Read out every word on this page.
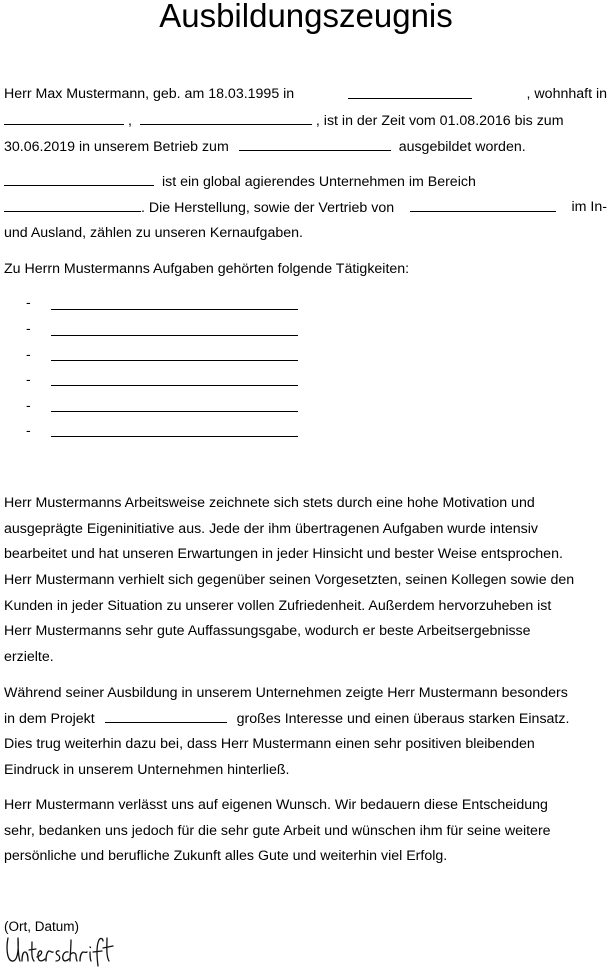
Ausbildungszeugnis
Herr Max Mustermann, geb. am 18.03.1995 in	, wohnhaft in
,	, ist in der Zeit vom 01.08.2016 bis zum
30.06.2019 in unserem Betrieb zum	ausgebildet worden.
ist ein global agierendes Unternehmen im Bereich
. Die Herstellung, sowie der Vertrieb von	im In-
und Ausland, zählen zu unseren Kernaufgaben.
Zu Herrn Mustermanns Aufgaben gehörten folgende Tätigkeiten:
-
-
-
-
-
-
Herr Mustermanns Arbeitsweise zeichnete sich stets durch eine hohe Motivation und
ausgeprägte Eigeninitiative aus. Jede der ihm übertragenen Aufgaben wurde intensiv
bearbeitet und hat unseren Erwartungen in jeder Hinsicht und bester Weise entsprochen.
Herr Mustermann verhielt sich gegenüber seinen Vorgesetzten, seinen Kollegen sowie den
Kunden in jeder Situation zu unserer vollen Zufriedenheit. Außerdem hervorzuheben ist
Herr Mustermanns sehr gute Auffassungsgabe, wodurch er beste Arbeitsergebnisse
erzielte.
Während seiner Ausbildung in unserem Unternehmen zeigte Herr Mustermann besonders
in dem Projekt	großes Interesse und einen überaus starken Einsatz.
Dies trug weiterhin dazu bei, dass Herr Mustermann einen sehr positiven bleibenden
Eindruck in unserem Unternehmen hinterließ.
Herr Mustermann verlässt uns auf eigenen Wunsch. Wir bedauern diese Entscheidung
sehr, bedanken uns jedoch für die sehr gute Arbeit und wünschen ihm für seine weitere
persönliche und berufliche Zukunft alles Gute und weiterhin viel Erfolg.
(Ort, Datum)
